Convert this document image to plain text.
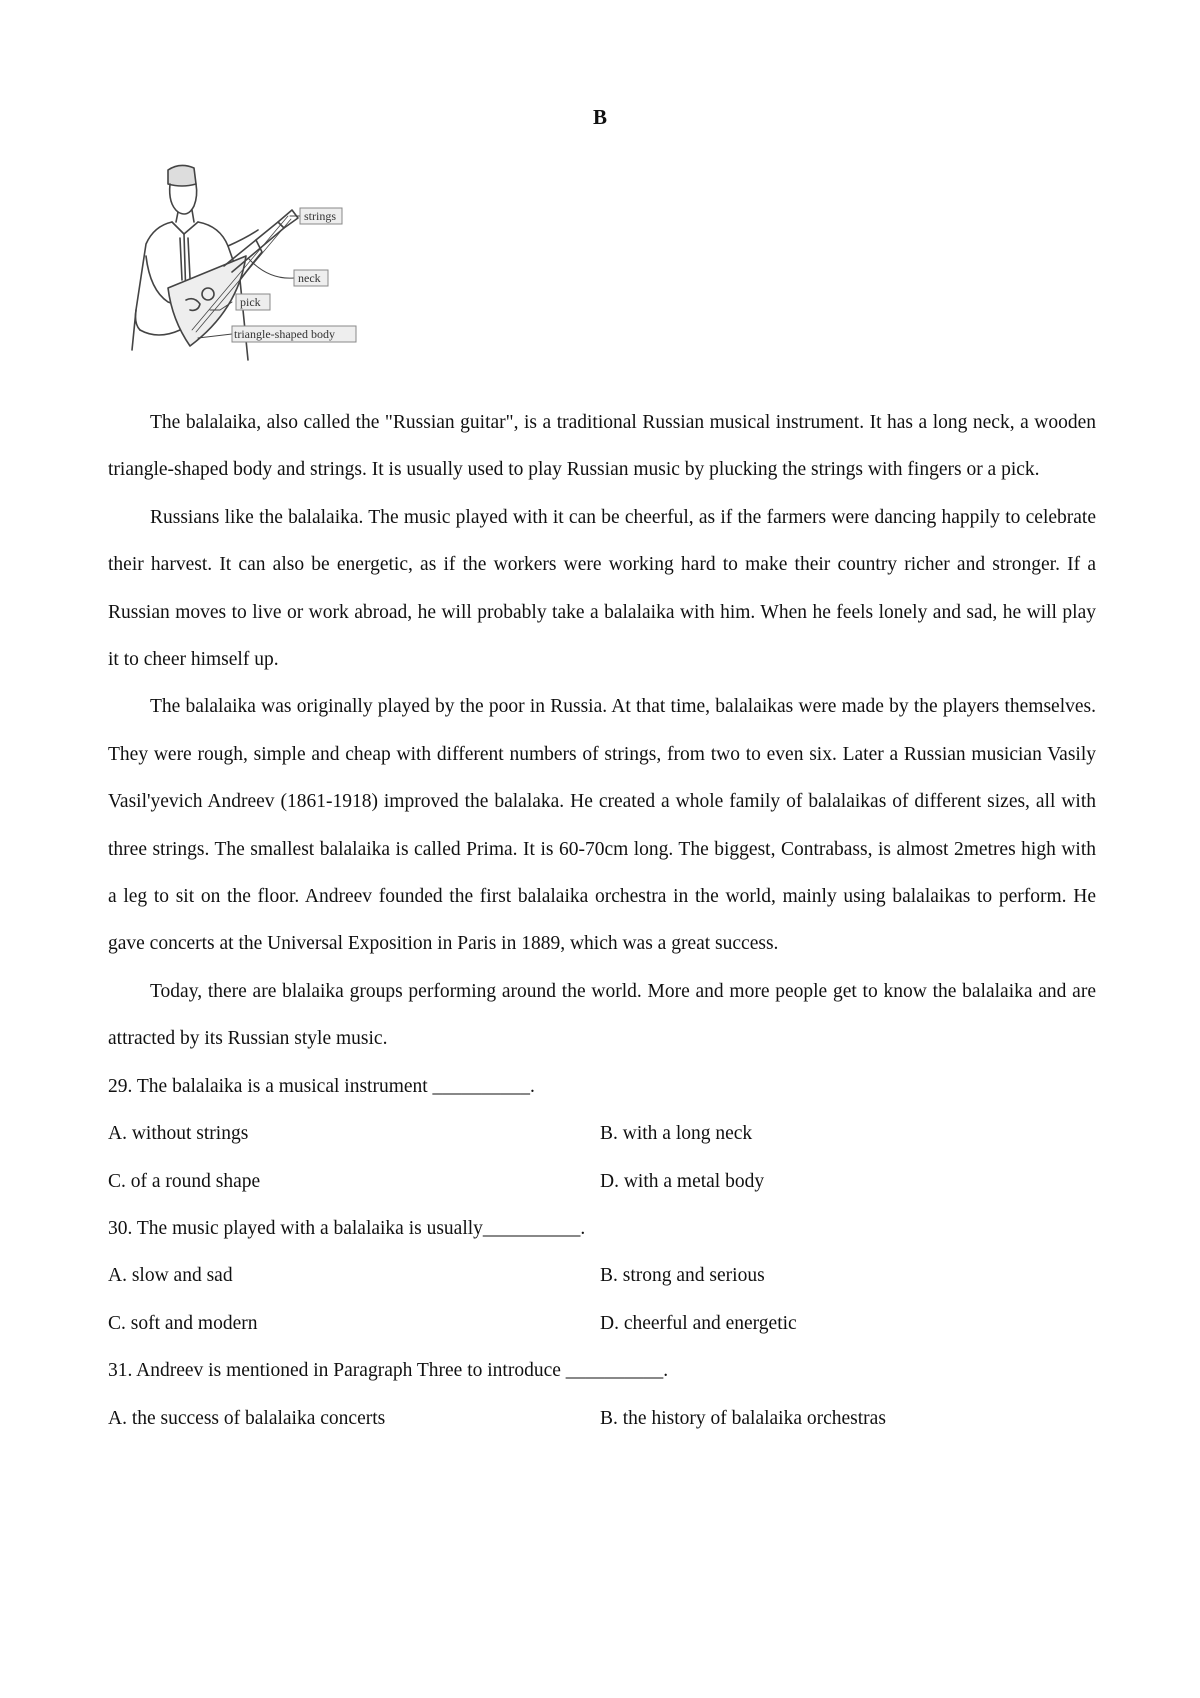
B
strings
neck
pick
triangle-shaped body

The balalaika, also called the "Russian guitar", is a traditional Russian musical instrument. It has a long neck, a wooden triangle-shaped body and strings. It is usually used to play Russian music by plucking the strings with fingers or a pick.

Russians like the balalaika. The music played with it can be cheerful, as if the farmers were dancing happily to celebrate their harvest. It can also be energetic, as if the workers were working hard to make their country richer and stronger. If a Russian moves to live or work abroad, he will probably take a balalaika with him. When he feels lonely and sad, he will play it to cheer himself up.

The balalaika was originally played by the poor in Russia. At that time, balalaikas were made by the players themselves. They were rough, simple and cheap with different numbers of strings, from two to even six. Later a Russian musician Vasily Vasil'yevich Andreev (1861-1918) improved the balalaka. He created a whole family of balalaikas of different sizes, all with three strings. The smallest balalaika is called Prima. It is 60-70cm long. The biggest, Contrabass, is almost 2metres high with a leg to sit on the floor. Andreev founded the first balalaika orchestra in the world, mainly using balalaikas to perform. He gave concerts at the Universal Exposition in Paris in 1889, which was a great success.

Today, there are blalaika groups performing around the world. More and more people get to know the balalaika and are attracted by its Russian style music.

29. The balalaika is a musical instrument __________.
A. without strings	B. with a long neck
C. of a round shape	D. with a metal body
30. The music played with a balalaika is usually__________.
A. slow and sad	B. strong and serious
C. soft and modern	D. cheerful and energetic
31. Andreev is mentioned in Paragraph Three to introduce __________.
A. the success of balalaika concerts	B. the history of balalaika orchestras
